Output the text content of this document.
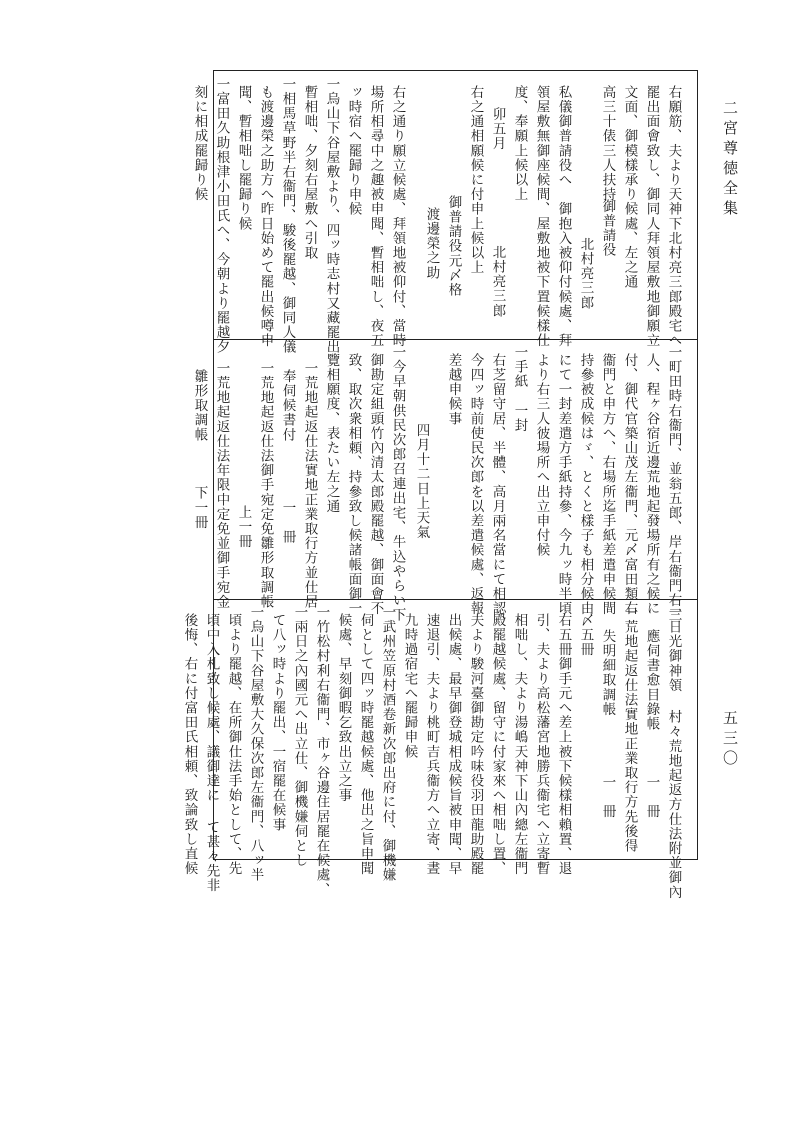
二宮尊徳全集
五三〇
右願筋、夫より天神下北村亮三郎殿宅へ
罷出面會致し、御同人拜領屋敷地御願立
文面、御模樣承り候處、左之通
御普請役
高三十俵三人扶持
北村亮三郎
私儀御普請役へ　御抱入被仰付候處、拜
領屋敷無御座候間、屋敷地被下置候樣仕
度、奉願上候以上
卯五月
北村亮三郎
右之通相願候に付申上候以上
御普請役元〆格
渡邊榮之助
右之通り願立候處、拜領地被仰付、當時
場所相尋中之趣被申聞、暫相咄し、夜五
ッ時宿へ罷歸り申候
一烏山下谷屋敷より、四ッ時志村又藏罷出
暫相咄、夕刻右屋敷へ引取
一相馬草野半右衞門、駿後罷越、御同人儀
も渡邊榮之助方へ昨日始めて罷出候噂申
聞、暫相咄し罷歸り候
一富田久助根津小田氏へ、今朝より罷越夕
刻に相成罷歸り候
一町田時右衞門、並翁五郎、岸右衞門右三
人、程ヶ谷宿近邊荒地起發場所有之候に
付、御代官築山茂左衞門、元〆富田類右
衞門と申方へ、右場所迄手紙差遣申候間
持參被成候はゞ、とくと樣子も相分候由
にて一封差遣方手紙持參、今九ッ時半頃
より右三人彼場所へ出立申付候
一手紙　一封
右芝留守居、半體、高月兩名當にて相認、
今四ッ時前使民次郎を以差遣候處、返報
差越申候事
四月十二日上天氣
一今早朝供民次郎召連出宅、牛込やらい下
御勘定組頭竹內清太郎殿罷越、御面會不
致、取次衆相頼、持參致し候諸帳面御一
覽相願度、表たい左之通
一荒地起返仕法實地正業取行方並仕居
奉伺候書付　　　　一　冊
一荒地起返仕法御手宛定免雛形取調帳
上一冊
一荒地起返仕法年限中定免並御手宛金
雛形取調帳　　　下一冊
一日光御神領 村々荒地起返方仕法附並御內
應伺書愈目錄帳　　　一　冊
一荒地起返仕法實地正業取行方先後得
失明細取調帳　　　　一　冊
〆五冊
右五冊御手元へ差上被下候樣相賴置、退
引、夫より高松藩宮地勝兵衞宅へ立寄暫
相咄し、夫より湯嶋天神下山內總左衞門
殿罷越候處、留守に付家來へ相咄し置、
夫より駿河臺御勘定吟味役羽田龍助殿罷
出候處、最早御登城相成候旨被申聞、早
速退引、夫より桃町吉兵衞方へ立寄、晝
九時過宿宅へ罷歸申候
一武州笠原村酒卷新次郎出府に付、御機嫌
伺として四ッ時罷越候處、他出之旨申聞
候處、早刻御暇乞致出立之事
一竹松村利右衞門、市ヶ谷邊住居罷在候處、
一兩日之內國元へ出立仕、御機嫌伺とし
て八ッ時より罷出、一宿罷在候事
一烏山下谷屋敷大久保次郎左衞門、八ッ半
頃より罷越、在所御仕法手始として、先
頃中入札致し候處、議御達に て甚々先非
後悔、右に付富田氏相頼、致論致し直候
